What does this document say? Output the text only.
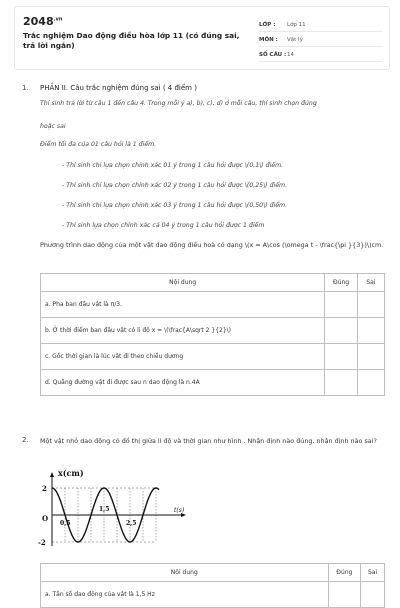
$2048^{.vn}$
Trắc nghiệm Dao động điều hòa lớp 11 (có đúng sai, trả lời ngắn)
LỚP :	Lớp 11
MÔN :	Vật lý
SỐ CÂU : 14
1. PHẦN II. Câu trắc nghiệm đúng sai ( 4 điểm )
Thí sinh trả lời từ câu 1 đến câu 4. Trong mỗi ý a), b), c), d) ở mỗi câu, thí sinh chọn đúng
hoặc sai
Điểm tối đa của 01 câu hỏi là 1 điểm.
- Thí sinh chỉ lựa chọn chính xác 01 ý trong 1 câu hỏi được \(0,1\) điểm.
- Thí sinh chỉ lựa chọn chính xác 02 ý trong 1 câu hỏi được \(0,25\) điểm.
- Thí sinh chỉ lựa chọn chính xác 03 ý trong 1 câu hỏi được \(0,50\) điểm.
- Thí sinh lựa chọn chính xác cả 04 ý trong 1 câu hỏi được 1 điểm
Phương trình dao động của một vật dao động điều hoà có dạng \(x = A\cos (\omega t - \frac{\pi }{3})\)cm.
Nội dung	Đúng	Sai
a. Pha ban đầu vật là π/3.		
b. Ở thời điểm ban đầu vật có li độ x = \(\frac{A\sqrt 2 }{2}\)		
c. Gốc thời gian là lúc vật đi theo chiều dương		
d. Quãng đường vật đi được sau n dao động là n.4A		
2. Một vật nhỏ dao động có đồ thị giữa li độ và thời gian như hình . Nhận định nào đúng, nhận định nào sai?
x(cm)
t(s)
2
-2
O
0,5
1,5
2,5
Nội dung	Đúng	Sai
a. Tần số dao động của vật là 1,5 Hz		
